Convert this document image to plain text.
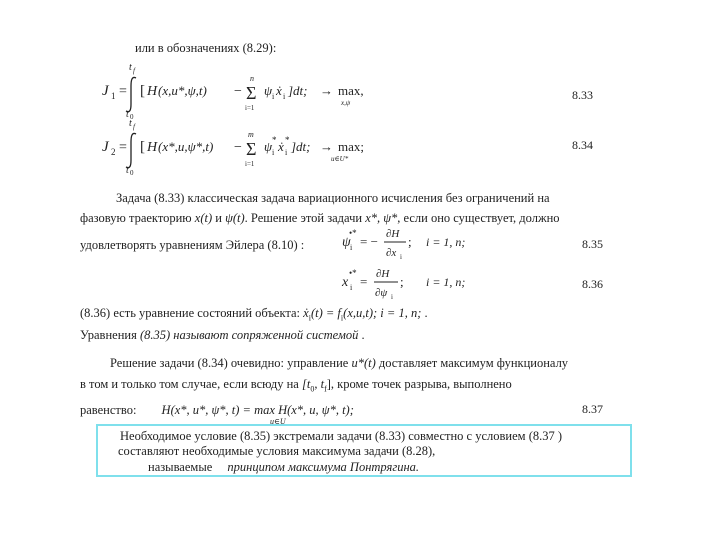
или в обозначениях (8.29):
J 1 =
t f
t 0
[ H (x,u*,ψ,t) −
n
Σ
i=1
ψ i ẋ i ]dt; → max,
x,ψ
8.33
J 2 =
t f
t 0
[ H (x*,u,ψ*,t) −
m
Σ
i=1
ψ i
* ẋ i
* ]dt; → max;
u∈U*
8.34
Задача (8.33) классическая задача вариационного исчисления без ограничений на
фазовую траекторию x(t) и ψ(t). Решение этой задачи x*, ψ*, если оно существует, должно
удовлетворять уравнениям Эйлера (8.10) :	ψ i
•*
= − ∂H
∂x i
; i = 1, n;	8.35
x i
•*
= ∂H
∂ψ i
; i = 1, n;	8.36
(8.36) есть уравнение состояний объекта: ẋ$_i$(t) = $f_i(x,u,t)$; i = 1, n; .
Уравнения (8.35) называют сопряженной системой .
Решение задачи (8.34) очевидно: управление u*(t) доставляет максимум функционалу
в том и только том случае, если всюду на [$t_0$, $t_f$], кроме точек разрыва, выполнено
равенство: H(x*, u*, ψ*, t) = max H(x*, u, ψ*, t);
u∈U
8.37
Необходимое условие (8.35) экстремали задачи (8.33) совместно с условием (8.37 )
составляют необходимые условия максимума задачи (8.28),
называемые принципом максимума Понтрягина.
